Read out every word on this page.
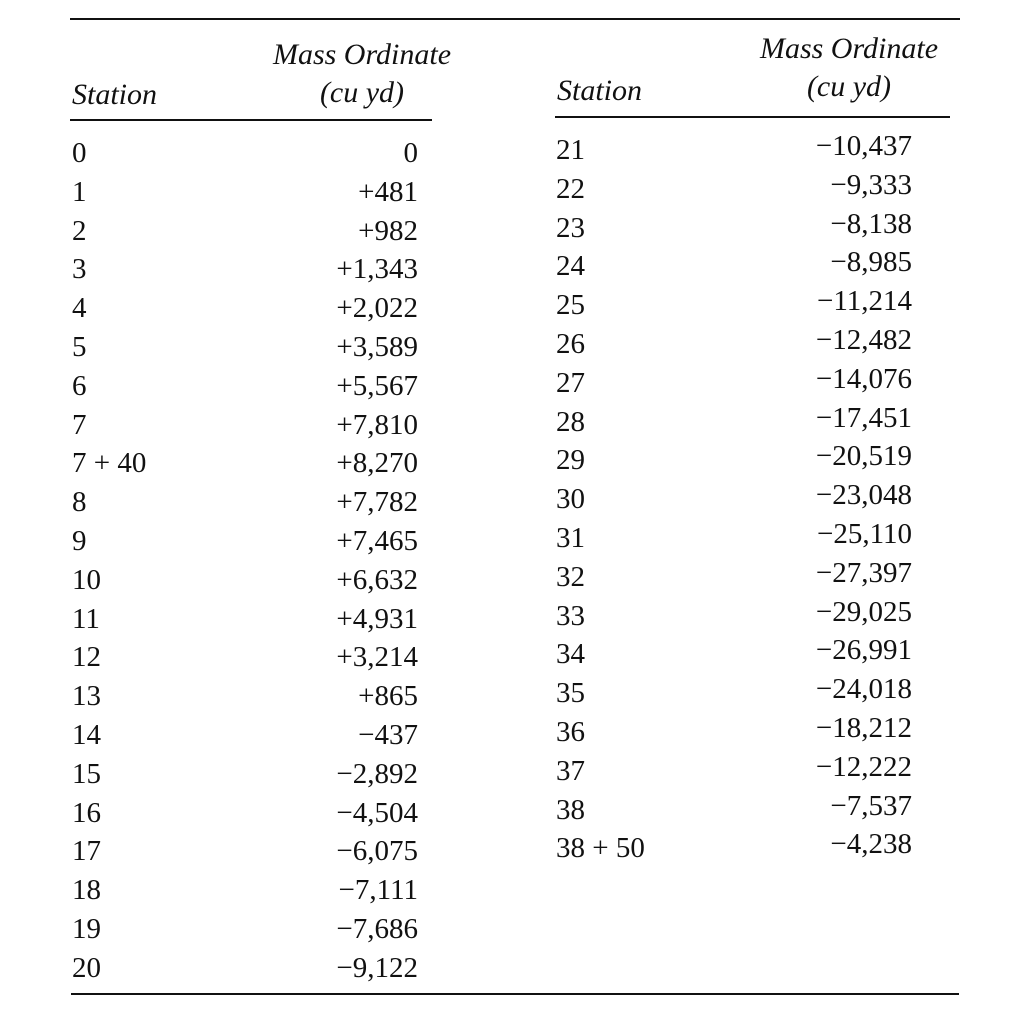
Station
Mass Ordinate
(cu yd)	Station
Mass Ordinate
(cu yd)
0
1
2
3
4
5
6
7
7 + 40
8
9
10
11
12
13
14
15
16
17
18
19
20
0
+481
+982
+1,343
+2,022
+3,589
+5,567
+7,810
+8,270
+7,782
+7,465
+6,632
+4,931
+3,214
+865
−437
−2,892
−4,504
−6,075
−7,111
−7,686
−9,122
21
22
23
24
25
26
27
28
29
30
31
32
33
34
35
36
37
38
38 + 50
−10,437
−9,333
−8,138
−8,985
−11,214
−12,482
−14,076
−17,451
−20,519
−23,048
−25,110
−27,397
−29,025
−26,991
−24,018
−18,212
−12,222
−7,537
−4,238
